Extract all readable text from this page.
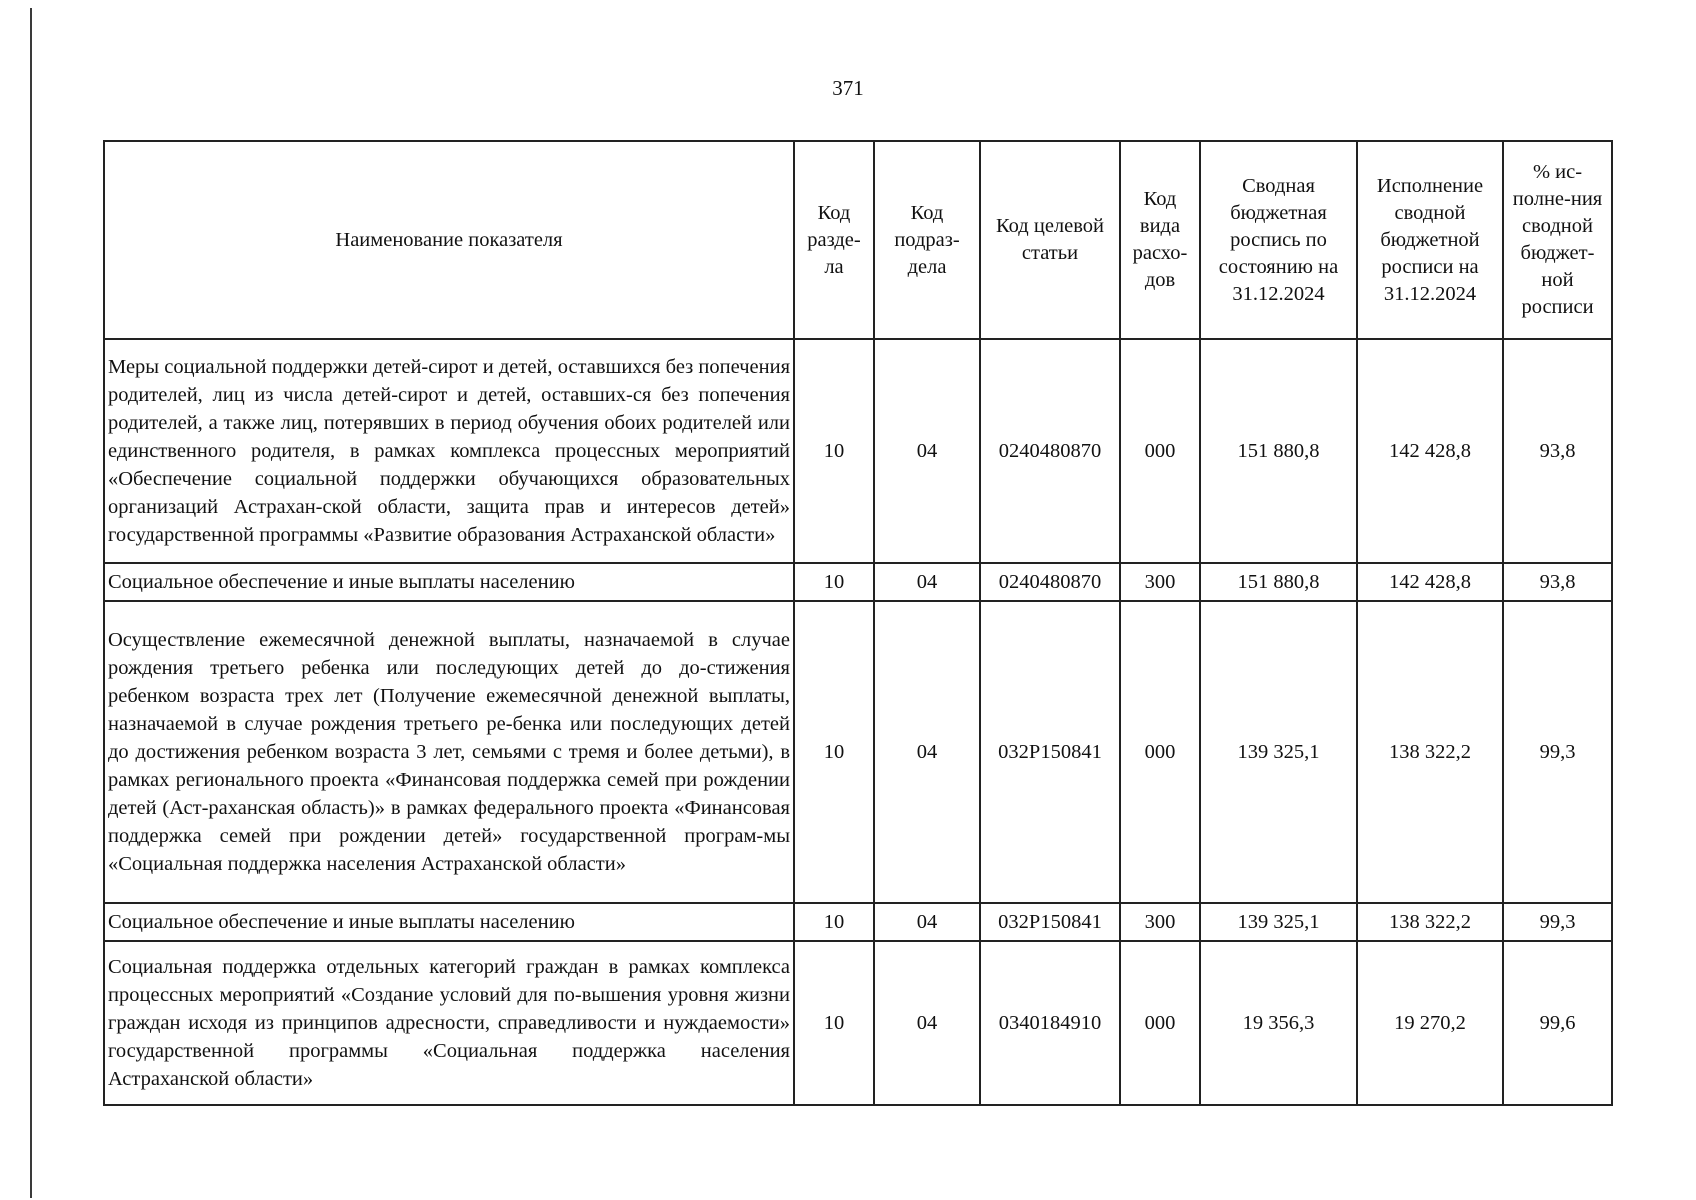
371
Наименование показателя	Код разде-ла	Код подраз-дела	Код целевой статьи	Код вида расхо-дов	Сводная бюджетная роспись по состоянию на 31.12.2024	Исполнение сводной бюджетной росписи на 31.12.2024	% ис-полне-ния сводной бюджет-ной росписи
Меры социальной поддержки детей-сирот и детей, оставшихся без попечения родителей, лиц из числа детей-сирот и детей, оставших-ся без попечения родителей, а также лиц, потерявших в период обучения обоих родителей или единственного родителя, в рамках комплекса процессных мероприятий «Обеспечение социальной поддержки обучающихся образовательных организаций Астрахан-ской области, защита прав и интересов детей» государственной программы «Развитие образования Астраханской области»	10	04	0240480870	000	151 880,8	142 428,8	93,8
Социальное обеспечение и иные выплаты населению	10	04	0240480870	300	151 880,8	142 428,8	93,8
Осуществление ежемесячной денежной выплаты, назначаемой в случае рождения третьего ребенка или последующих детей до до-стижения ребенком возраста трех лет (Получение ежемесячной денежной выплаты, назначаемой в случае рождения третьего ре-бенка или последующих детей до достижения ребенком возраста 3 лет, семьями с тремя и более детьми), в рамках регионального проекта «Финансовая поддержка семей при рождении детей (Аст-раханская область)» в рамках федерального проекта «Финансовая поддержка семей при рождении детей» государственной програм-мы «Социальная поддержка населения Астраханской области»	10	04	032P150841	000	139 325,1	138 322,2	99,3
Социальное обеспечение и иные выплаты населению	10	04	032P150841	300	139 325,1	138 322,2	99,3
Социальная поддержка отдельных категорий граждан в рамках комплекса процессных мероприятий «Создание условий для по-вышения уровня жизни граждан исходя из принципов адресности, справедливости и нуждаемости» государственной программы «Социальная поддержка населения Астраханской области»	10	04	0340184910	000	19 356,3	19 270,2	99,6
